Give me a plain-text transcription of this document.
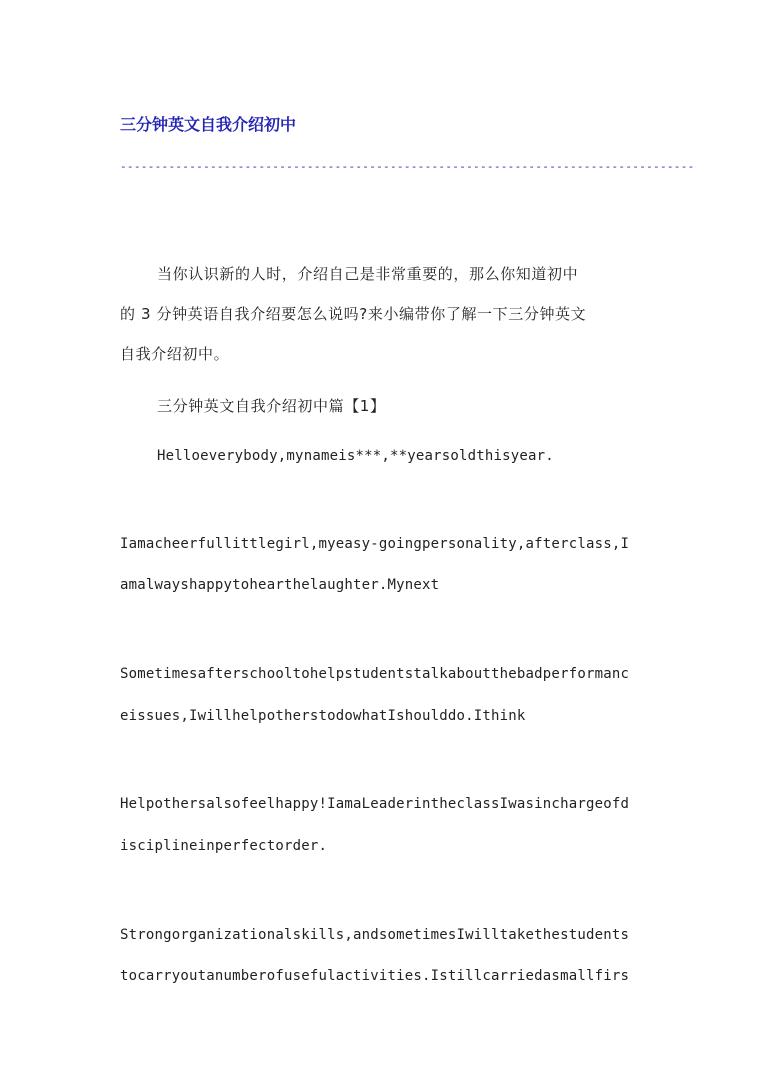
三分钟英文自我介绍初中
-----------------------------------------------------------------------------------
当你认识新的人时，介绍自己是非常重要的，那么你知道初中
的 3 分钟英语自我介绍要怎么说吗?来小编带你了解一下三分钟英文
自我介绍初中。
三分钟英文自我介绍初中篇【1】
Helloeverybody,mynameis***,**yearsoldthisyear.
Iamacheerfullittlegirl,myeasy-goingpersonality,afterclass,I
amalwayshappytohearthelaughter.Mynext
Sometimesafterschooltohelpstudentstalkaboutthebadperformanc
eissues,IwillhelpotherstodowhatIshoulddo.Ithink
Helpothersalsofeelhappy!IamaLeaderintheclassIwasinchargeofd
isciplineinperfectorder.
Strongorganizationalskills,andsometimesIwilltakethestudents
tocarryoutanumberofusefulactivities.Istillcarriedasmallfirs
